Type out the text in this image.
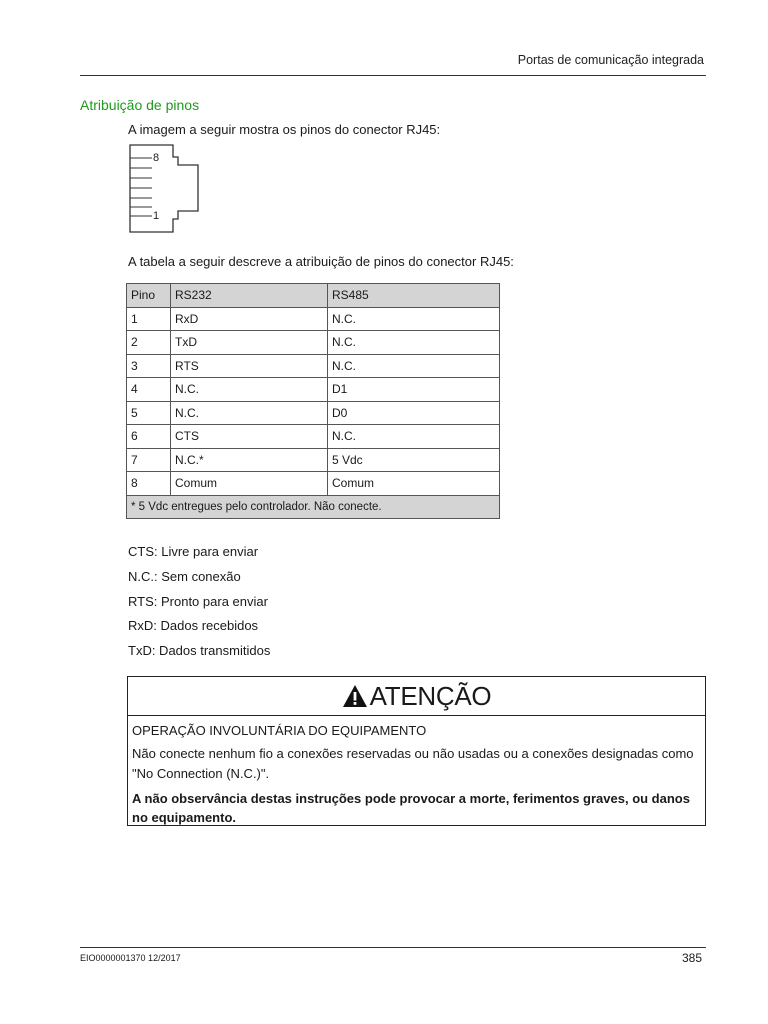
Portas de comunicação integrada
Atribuição de pinos
A imagem a seguir mostra os pinos do conector RJ45:
8
1
A tabela a seguir descreve a atribuição de pinos do conector RJ45:
Pino	RS232	RS485
1	RxD	N.C.
2	TxD	N.C.
3	RTS	N.C.
4	N.C.	D1
5	N.C.	D0
6	CTS	N.C.
7	N.C.*	5 Vdc
8	Comum	Comum
* 5 Vdc entregues pelo controlador. Não conecte.		
CTS: Livre para enviar
N.C.: Sem conexão
RTS: Pronto para enviar
RxD: Dados recebidos
TxD: Dados transmitidos
ATENÇÃO
OPERAÇÃO INVOLUNTÁRIA DO EQUIPAMENTO
Não conecte nenhum fio a conexões reservadas ou não usadas ou a conexões designadas como "No Connection (N.C.)".
A não observância destas instruções pode provocar a morte, ferimentos graves, ou danos no equipamento.
EIO0000001370 12/2017	385
